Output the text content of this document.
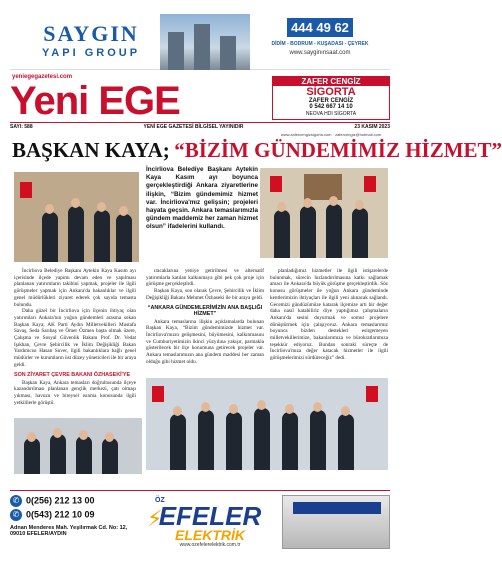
SAYGIN
YAPI GROUP
444 49 62
DİDİM - BODRUM - KUŞADASI - ÇEYREK
www.sayginınsaat.com
yeniegegazetesi.com
Yeni EGE	ZAFER CENGİZ
SİGORTA
ZAFER CENGİZ
0 542 667 14 10
NEOVA HDI SİGORTA
SAYI: 588	YENİ EGE GAZETESİ BİLGİSEL YAYINIDIR	23 KASIM 2023
www.zafercengizsigorta.com · zafercengiz@hotmail.com
BAŞKAN KAYA; “BİZİM GÜNDEMİMİZ HİZMET”
İncirliova Belediye Başkanı Aytekin Kaya Kasım ayı boyunca gerçekleştirdiği Ankara ziyaretlerine ilişkin, “Bizim gündemimiz hizmet var. İncirliova'mız gelişsin; projeleri hayata geçsin. Ankara temaslarımızla gündem maddemiz her zaman hizmet olsun” ifadelerini kullandı.

İncirliova Belediye Başkanı Aytekin Kaya Kasım ayı içerisinde ilçede yapımı devam eden ve yapılması planlanan yatırımların takibini yapmak, projeler ile ilgili görüşmeler yapmak için Ankara'da bakanlıklar ve ilgili genel müdürlükleri ziyaret ederek çok sayıda temasta bulundu.

Daha güzel bir İncirliova için ilçenin ihtiyaç olan yatırımları Ankara'nın yoğun gündemleri arasına sokan Başkan Kaya; AK Parti Aydın Milletvekilleri Mustafa Savaş, Seda Sarıbaş ve Ömer Özmen başta olmak üzere, Çalışma ve Sosyal Güvenlik Bakanı Prof. Dr. Vedat Işıkhan, Çevre Şehircilik ve İklim Değişikliği Bakan Yardımcısı Hasan Suver, ilgili bakanlıklara bağlı genel müdürler ve kurumların üst düzey yöneticileri ile bir araya geldi.

SON ZİYARET ÇEVRE BAKANI ÖZHASEKİ'YE

Başkan Kaya, Ankara temasları doğrultusunda ilçeye kazandırılması planlanan gençlik merkezi, çatı olmaşı yıkması, havuzu ve bireysel ısınma konusunda ilgili yetkililerle görüştü.

ıracaklarına yeniye getirilmesi ve alternatif yatırımlarla katılan kalkınmaya gibi pek çok proje için görüşme gerçekleştirdi.

Başkan Kaya, son olarak Çevre, Şehircilik ve İklim Değişikliği Bakanı Mehmet Özhaseki ile bir araya geldi.

“ANKARA GÜNDEMLERİMİZİN ANA BAŞLIĞI HİZMET”

Ankara temaslarına ilişkin açıklamalarda bulunan Başkan Kaya, “Bizim gündemimizde hizmet var. İncirliova'mızın gelişmesini, büyümesini, kalkınmasını ve Cumhuriyetimizin ikinci yüzyılına yakışır, parmakla gösterilecek bir ilçe konumuna getirecek projeler var. Ankara temaslarımızın ana gündem maddesi her zaman olduğu gibi hizmet oldu.

planladığımız hizmetler ile ilgili istişarelerde bulunmak, sürecin hızlandırılmasına katkı sağlamak amacı ile Ankara'da büyük görüşme gerçekleştirdik. Söz konusu görüşmeler ile yoğun Ankara gündeminde kentlerimizin ihtiyaçları ile ilgili yeni alınacak sağlandı. Gecemizi gündüzümüze katarak ilçemize artı bir değer daha nasıl katabiliriz diye yaptığımız çalışmaların Ankara'da sesini duyurmak ve somut projelere dönüştürmek için çalışıyoruz. Ankara temaslarımız boyunca bizden destekleri esirgemeyen milletvekillerimize, bakanlarımıza ve bürokratlarımıza teşekkür ediyoruz. Bundan sonraki süreçte de İncirliova'mıza değer katacak hizmetler ile ilgili görüşmelerimizi sürdüreceğiz” dedi.

✆ 0(256) 212 13 00
✆ 0(543) 212 10 09
Adnan Menderes Mah. Yeşilırmak Cd. No: 12, 09010 EFELER/AYDIN
⚡
ÖZ
EFELER
ELEKTRİK
www.ozefelerelektrik.com.tr
